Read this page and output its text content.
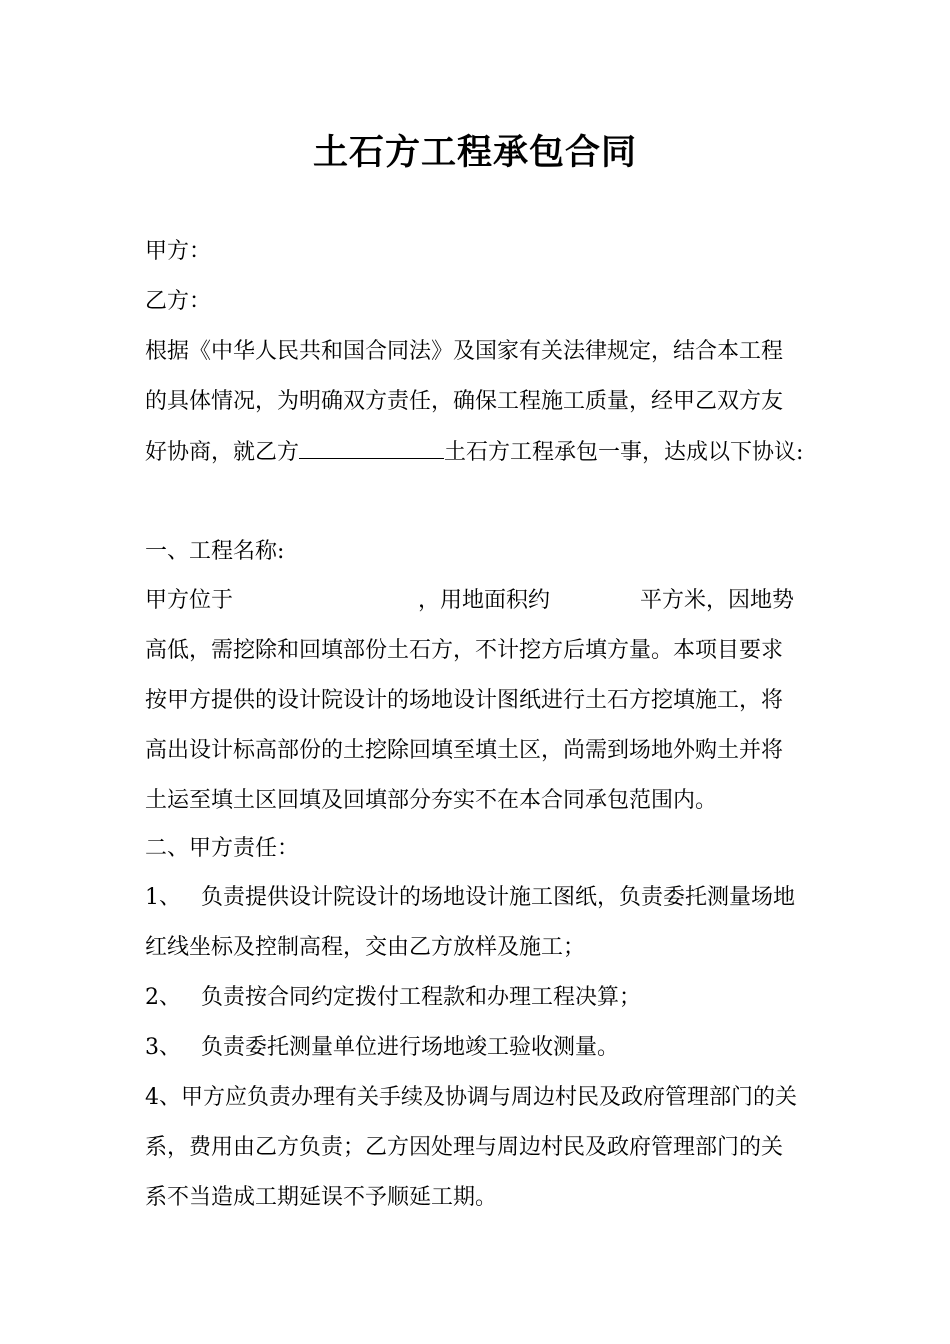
土石方工程承包合同
甲方：
乙方：
根据《中华人民共和国合同法》及国家有关法律规定，结合本工程
的具体情况，为明确双方责任，确保工程施工质量，经甲乙双方友
好协商，就乙方	土石方工程承包一事，达成以下协议:
一、工程名称:
甲方位于	，用地面积约	平方米，因地势
高低，需挖除和回填部份土石方，不计挖方后填方量。本项目要求
按甲方提供的设计院设计的场地设计图纸进行土石方挖填施工，将
高出设计标高部份的土挖除回填至填土区，尚需到场地外购土并将
土运至填土区回填及回填部分夯实不在本合同承包范围内。
二、甲方责任：
1、 负责提供设计院设计的场地设计施工图纸，负责委托测量场地
红线坐标及控制高程，交由乙方放样及施工；
2、 负责按合同约定拨付工程款和办理工程决算；
3、 负责委托测量单位进行场地竣工验收测量。
4、甲方应负责办理有关手续及协调与周边村民及政府管理部门的关
系，费用由乙方负责；乙方因处理与周边村民及政府管理部门的关
系不当造成工期延误不予顺延工期。
